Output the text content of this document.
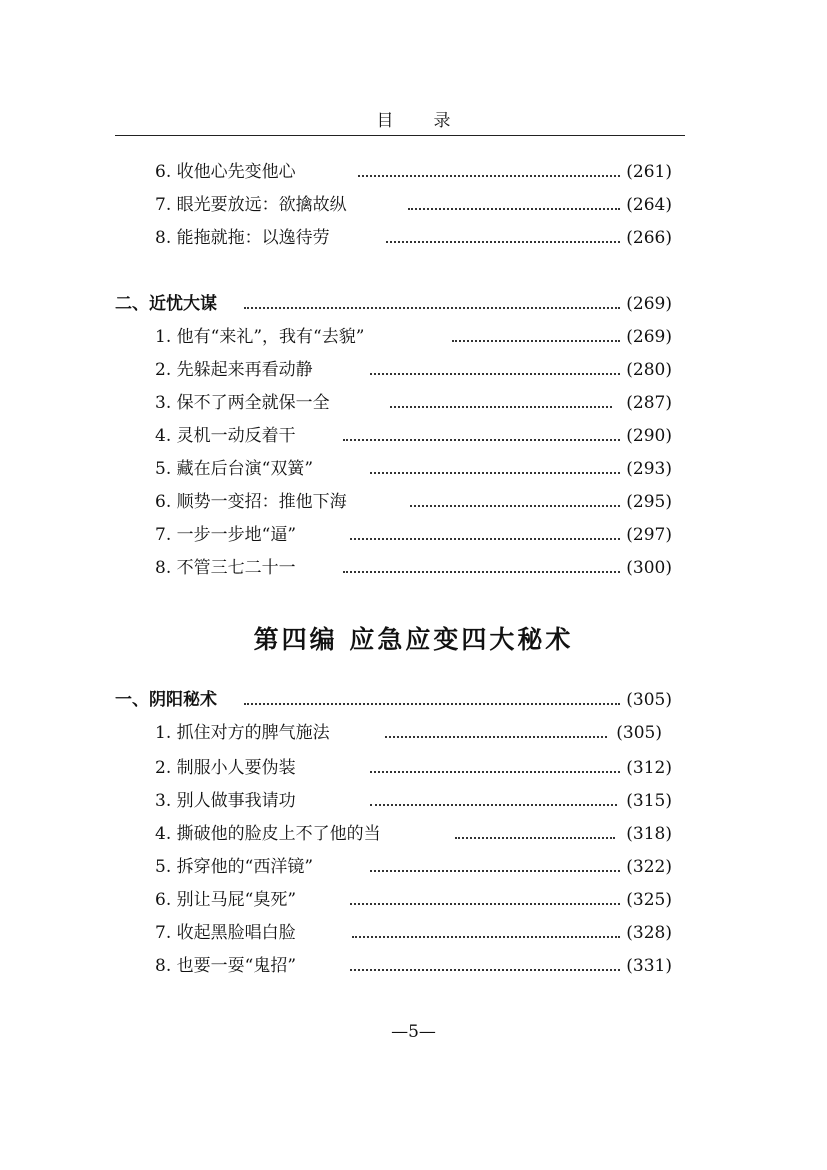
目录
6. 收他心先变他心	(261)
7. 眼光要放远：欲擒故纵	(264)
8. 能拖就拖：以逸待劳	(266)
二、近忧大谋	(269)
1. 他有“来礼”，我有“去貌”	(269)
2. 先躲起来再看动静	(280)
3. 保不了两全就保一全	(287)
4. 灵机一动反着干	(290)
5. 藏在后台演“双簧”	(293)
6. 顺势一变招：推他下海	(295)
7. 一步一步地“逼”	(297)
8. 不管三七二十一	(300)
第四编 应急应变四大秘术
一、阴阳秘术	(305)
1. 抓住对方的脾气施法	(305)
2. 制服小人要伪装	(312)
3. 别人做事我请功	(315)
4. 撕破他的脸皮上不了他的当	(318)
5. 拆穿他的“西洋镜”	(322)
6. 别让马屁“臭死”	(325)
7. 收起黑脸唱白脸	(328)
8. 也要一耍“鬼招”	(331)
—5—
